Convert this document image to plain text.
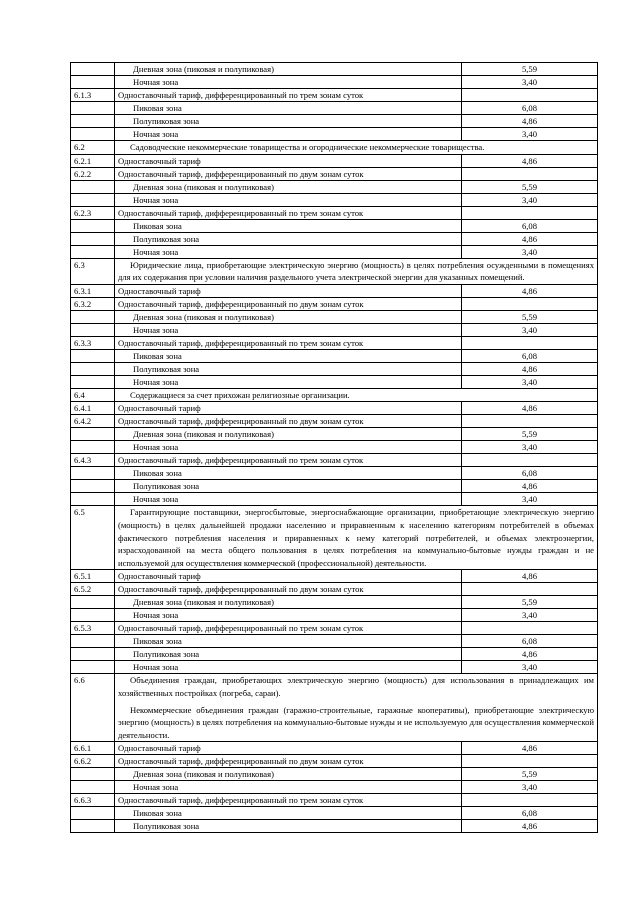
	Дневная зона (пиковая и полупиковая)	5,59
	Ночная зона	3,40
6.1.3	Одноставочный тариф, дифференцированный по трем зонам суток	
	Пиковая зона	6,08
	Полупиковая зона	4,86
	Ночная зона	3,40
6.2	Садоводческие некоммерческие товарищества и огороднические некоммерческие товарищества.	

6.2.1	Одноставочный тариф	4,86
6.2.2	Одноставочный тариф, дифференцированный по двум зонам суток	
	Дневная зона (пиковая и полупиковая)	5,59
	Ночная зона	3,40
6.2.3	Одноставочный тариф, дифференцированный по трем зонам суток	
	Пиковая зона	6,08
	Полупиковая зона	4,86
	Ночная зона	3,40
6.3	Юридические лица, приобретающие электрическую энергию (мощность) в целях потребления осужденными в помещениях для их содержания при условии наличия раздельного учета электрической энергии для указанных помещений.	

6.3.1	Одноставочный тариф	4,86
6.3.2	Одноставочный тариф, дифференцированный по двум зонам суток	
	Дневная зона (пиковая и полупиковая)	5,59
	Ночная зона	3,40
6.3.3	Одноставочный тариф, дифференцированный по трем зонам суток	
	Пиковая зона	6,08
	Полупиковая зона	4,86
	Ночная зона	3,40
6.4	Содержащиеся за счет прихожан религиозные организации.	

6.4.1	Одноставочный тариф	4,86
6.4.2	Одноставочный тариф, дифференцированный по двум зонам суток	
	Дневная зона (пиковая и полупиковая)	5,59
	Ночная зона	3,40
6.4.3	Одноставочный тариф, дифференцированный по трем зонам суток	
	Пиковая зона	6,08
	Полупиковая зона	4,86
	Ночная зона	3,40
6.5	Гарантирующие поставщики, энергосбытовые, энергоснабжающие организации, приобретающие электрическую энергию (мощность) в целях дальнейшей продажи населению и приравненным к населению категориям потребителей в объемах фактического потребления населения и приравненных к нему категорий потребителей, и объемах электроэнергии, израсходованной на места общего пользования в целях потребления на коммунально-бытовые нужды граждан и не используемой для осуществления коммерческой (профессиональной) деятельности.	

6.5.1	Одноставочный тариф	4,86
6.5.2	Одноставочный тариф, дифференцированный по двум зонам суток	
	Дневная зона (пиковая и полупиковая)	5,59
	Ночная зона	3,40
6.5.3	Одноставочный тариф, дифференцированный по трем зонам суток	
	Пиковая зона	6,08
	Полупиковая зона	4,86
	Ночная зона	3,40
6.6	Объединения граждан, приобретающих электрическую энергию (мощность) для использования в принадлежащих им хозяйственных постройках (погреба, сараи).

Некоммерческие объединения граждан (гаражно-строительные, гаражные кооперативы), приобретающие электрическую энергию (мощность) в целях потребления на коммунально-бытовые нужды и не используемую для осуществления коммерческой деятельности.	

6.6.1	Одноставочный тариф	4,86
6.6.2	Одноставочный тариф, дифференцированный по двум зонам суток	
	Дневная зона (пиковая и полупиковая)	5,59
	Ночная зона	3,40
6.6.3	Одноставочный тариф, дифференцированный по трем зонам суток	
	Пиковая зона	6,08
	Полупиковая зона	4,86
